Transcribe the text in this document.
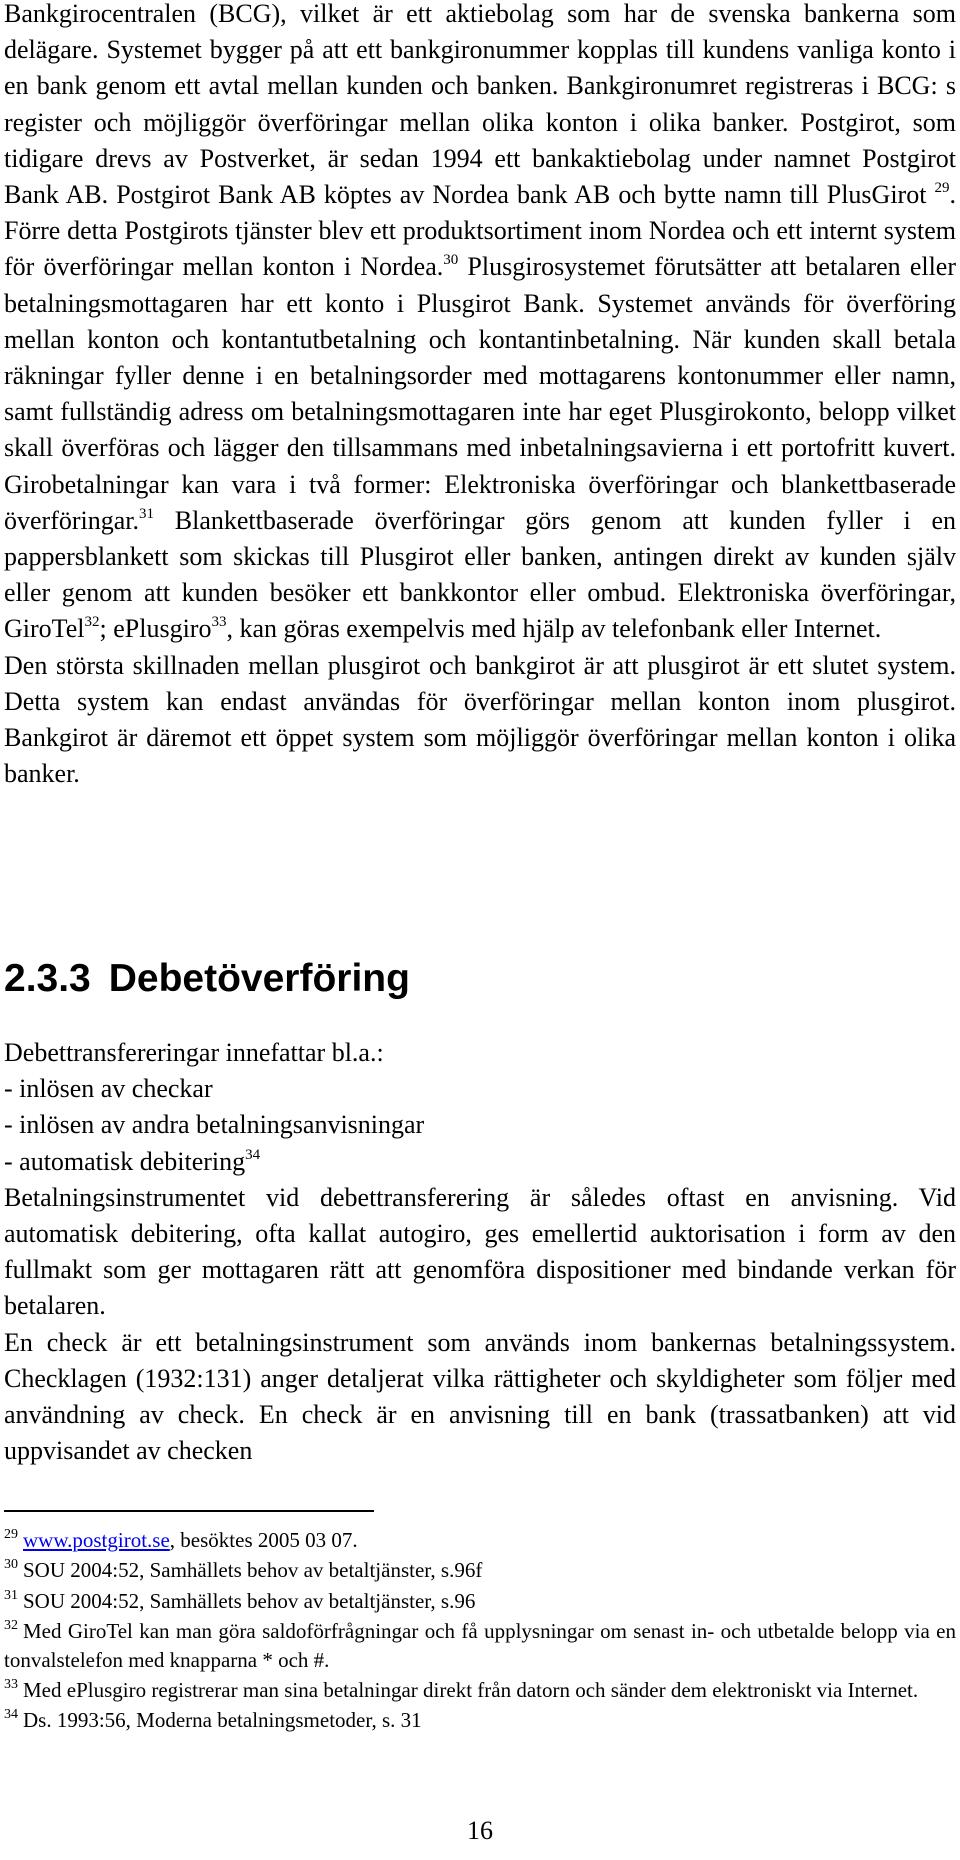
Bankgirocentralen (BCG), vilket är ett aktiebolag som har de svenska bankerna som delägare. Systemet bygger på att ett bankgironummer kopplas till kundens vanliga konto i en bank genom ett avtal mellan kunden och banken. Bankgironumret registreras i BCG: s register och möjliggör överföringar mellan olika konton i olika banker. Postgirot, som tidigare drevs av Postverket, är sedan 1994 ett bankaktiebolag under namnet Postgirot Bank AB. Postgirot Bank AB köptes av Nordea bank AB och bytte namn till PlusGirot $^{29}$. Förre detta Postgirots tjänster blev ett produktsortiment inom Nordea och ett internt system för överföringar mellan konton i Nordea.$^{30}$ Plusgirosystemet förutsätter att betalaren eller betalningsmottagaren har ett konto i Plusgirot Bank. Systemet används för överföring mellan konton och kontantutbetalning och kontantinbetalning. När kunden skall betala räkningar fyller denne i en betalningsorder med mottagarens kontonummer eller namn, samt fullständig adress om betalningsmottagaren inte har eget Plusgirokonto, belopp vilket skall överföras och lägger den tillsammans med inbetalningsavierna i ett portofritt kuvert. Girobetalningar kan vara i två former: Elektroniska överföringar och blankettbaserade överföringar.$^{31}$ Blankettbaserade överföringar görs genom att kunden fyller i en pappersblankett som skickas till Plusgirot eller banken, antingen direkt av kunden själv eller genom att kunden besöker ett bankkontor eller ombud. Elektroniska överföringar, GiroTel$^{32}$; ePlusgiro$^{33}$, kan göras exempelvis med hjälp av telefonbank eller Internet.

Den största skillnaden mellan plusgirot och bankgirot är att plusgirot är ett slutet system. Detta system kan endast användas för överföringar mellan konton inom plusgirot. Bankgirot är däremot ett öppet system som möjliggör överföringar mellan konton i olika banker.

2.3.3 Debetöverföring

Debettransfereringar innefattar bl.a.:

- inlösen av checkar

- inlösen av andra betalningsanvisningar

- automatisk debitering$^{34}$

Betalningsinstrumentet vid debettransferering är således oftast en anvisning. Vid automatisk debitering, ofta kallat autogiro, ges emellertid auktorisation i form av den fullmakt som ger mottagaren rätt att genomföra dispositioner med bindande verkan för betalaren.

En check är ett betalningsinstrument som används inom bankernas betalningssystem. Checklagen (1932:131) anger detaljerat vilka rättigheter och skyldigheter som följer med användning av check. En check är en anvisning till en bank (trassatbanken) att vid uppvisandet av checken

$^{29}$ www.postgirot.se, besöktes 2005 03 07.

$^{30}$ SOU 2004:52, Samhällets behov av betaltjänster, s.96f

$^{31}$ SOU 2004:52, Samhällets behov av betaltjänster, s.96

$^{32}$ Med GiroTel kan man göra saldoförfrågningar och få upplysningar om senast in- och utbetalde belopp via en tonvalstelefon med knapparna * och #.

$^{33}$ Med ePlusgiro registrerar man sina betalningar direkt från datorn och sänder dem elektroniskt via Internet.

$^{34}$ Ds. 1993:56, Moderna betalningsmetoder, s. 31

16
